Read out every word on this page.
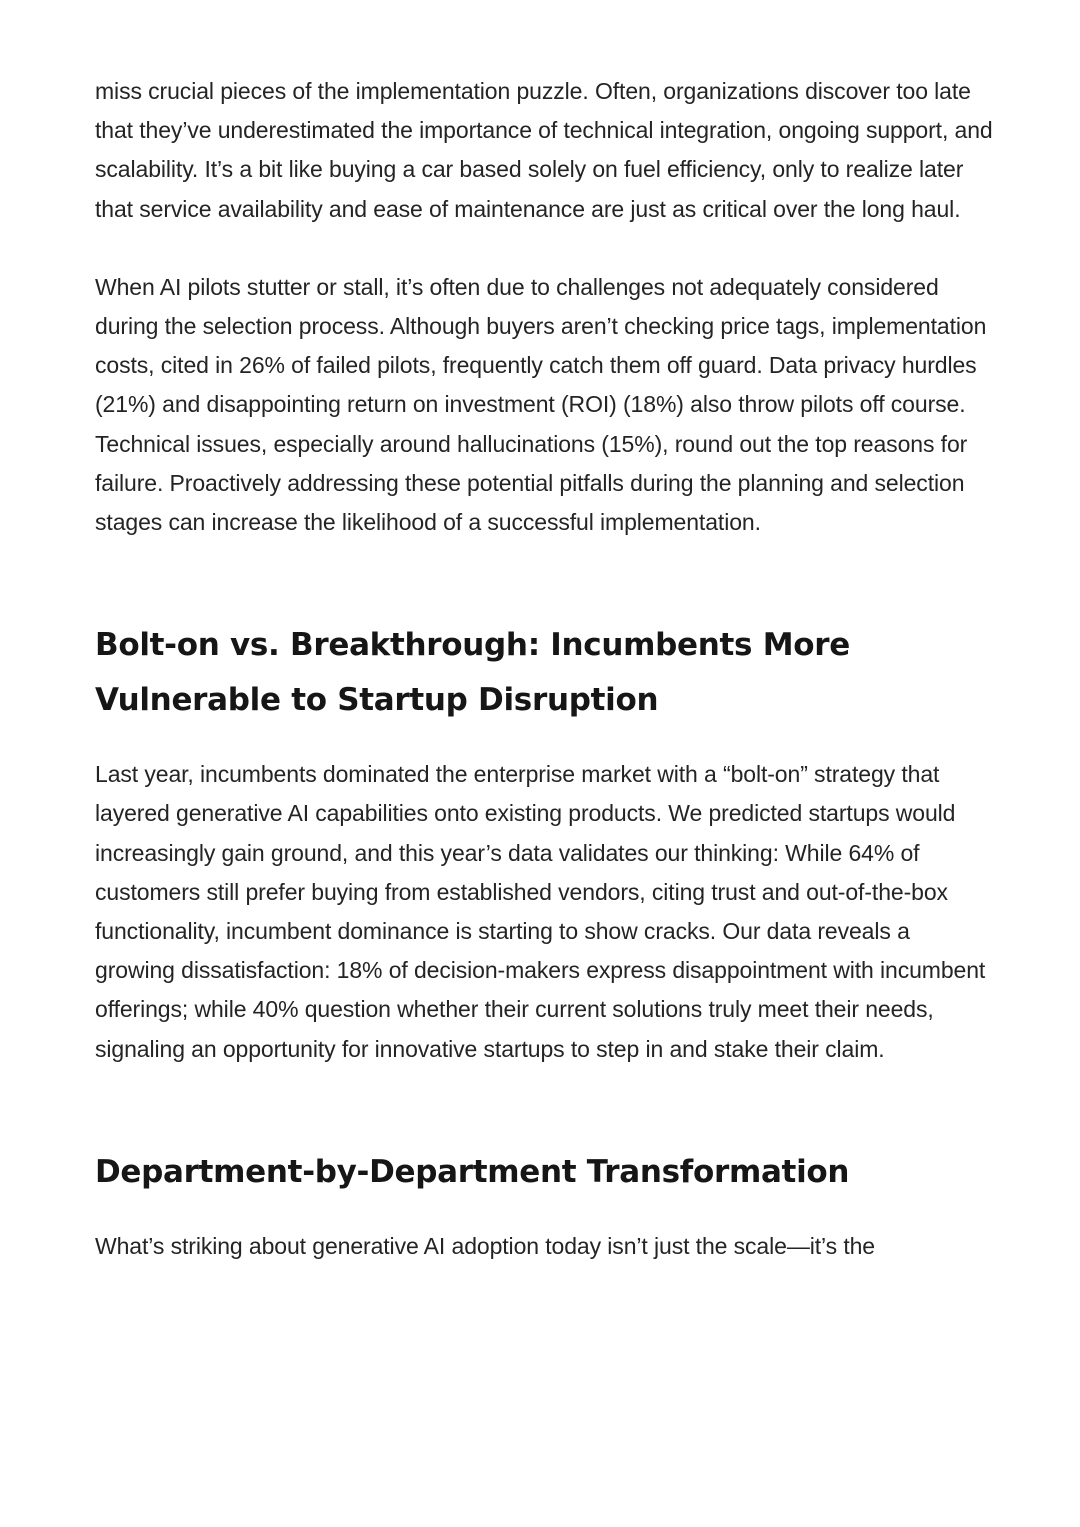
miss crucial pieces of the implementation puzzle. Often, organizations discover too late that they’ve underestimated the importance of technical integration, ongoing support, and scalability. It’s a bit like buying a car based solely on fuel efficiency, only to realize later that service availability and ease of maintenance are just as critical over the long haul.

When AI pilots stutter or stall, it’s often due to challenges not adequately considered during the selection process. Although buyers aren’t checking price tags, implementation costs, cited in 26% of failed pilots, frequently catch them off guard. Data privacy hurdles (21%) and disappointing return on investment (ROI) (18%) also throw pilots off course. Technical issues, especially around hallucinations (15%), round out the top reasons for failure. Proactively addressing these potential pitfalls during the planning and selection stages can increase the likelihood of a successful implementation.

Bolt-on vs. Breakthrough: Incumbents More Vulnerable to Startup Disruption

Last year, incumbents dominated the enterprise market with a “bolt-on” strategy that layered generative AI capabilities onto existing products. We predicted startups would increasingly gain ground, and this year’s data validates our thinking: While 64% of customers still prefer buying from established vendors, citing trust and out-of-the-box functionality, incumbent dominance is starting to show cracks. Our data reveals a growing dissatisfaction: 18% of decision-makers express disappointment with incumbent offerings; while 40% question whether their current solutions truly meet their needs, signaling an opportunity for innovative startups to step in and stake their claim.

Department-by-Department Transformation

What’s striking about generative AI adoption today isn’t just the scale—it’s the
